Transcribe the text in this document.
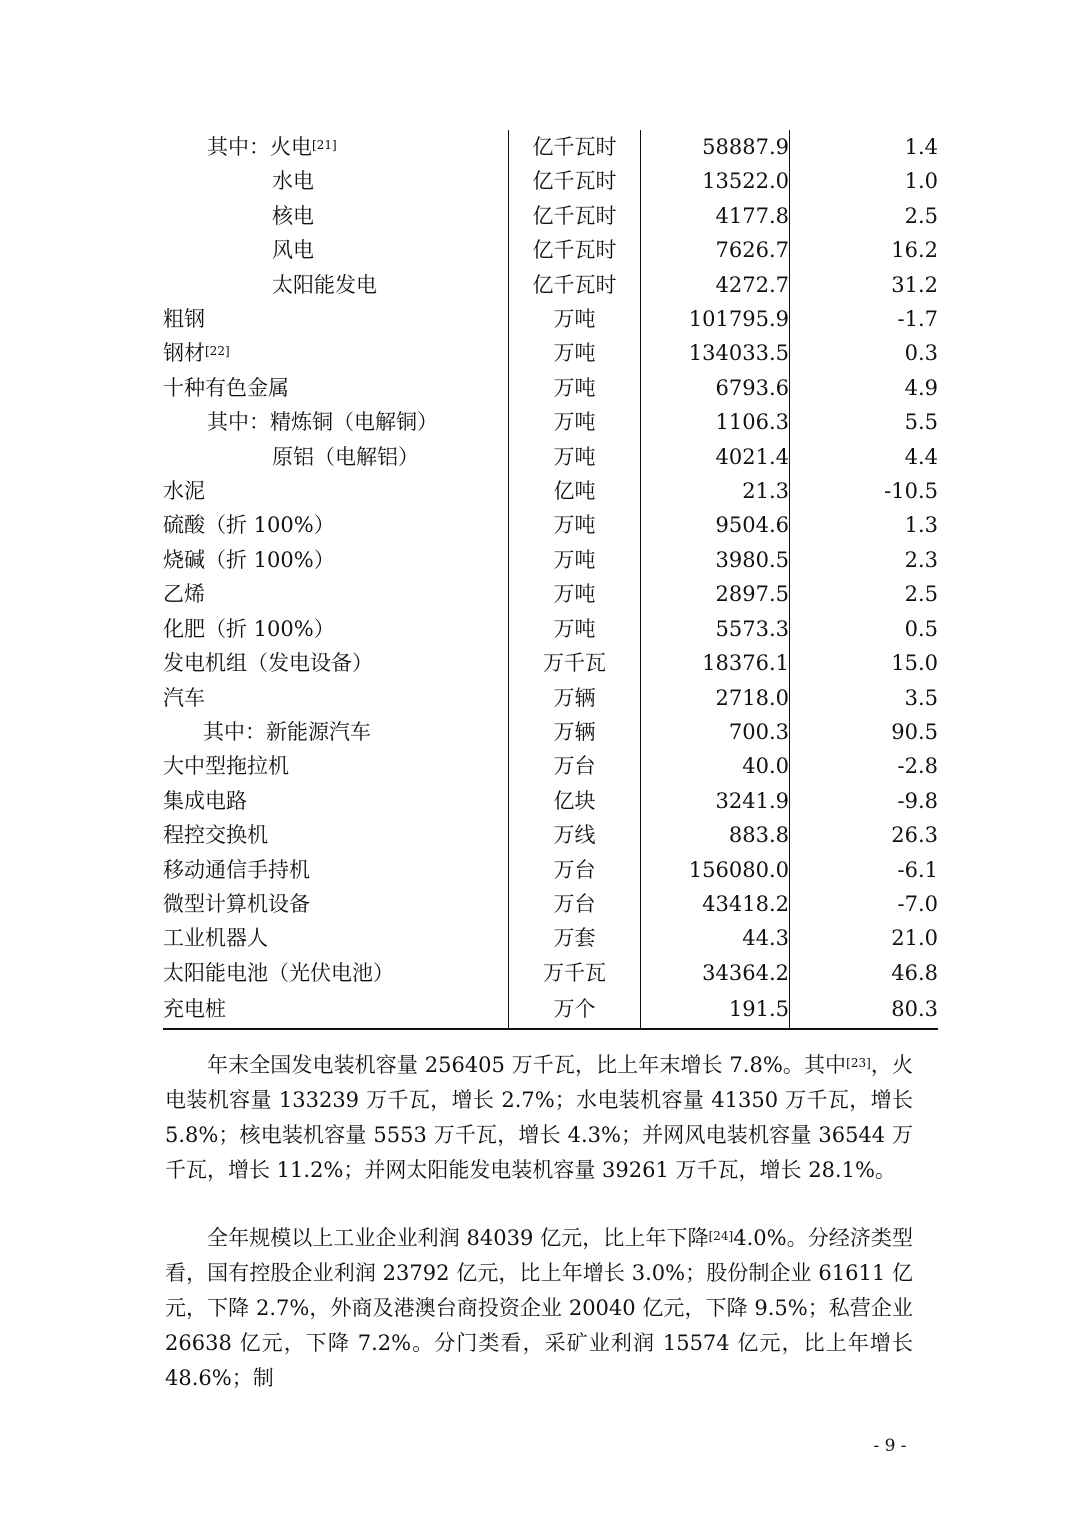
其中：火电[21]	亿千瓦时	58887.9	1.4
水电	亿千瓦时	13522.0	1.0
核电	亿千瓦时	4177.8	2.5
风电	亿千瓦时	7626.7	16.2
太阳能发电	亿千瓦时	4272.7	31.2
粗钢	万吨	101795.9	-1.7
钢材[22]	万吨	134033.5	0.3
十种有色金属	万吨	6793.6	4.9
其中：精炼铜（电解铜）	万吨	1106.3	5.5
原铝（电解铝）	万吨	4021.4	4.4
水泥	亿吨	21.3	-10.5
硫酸（折 100%）	万吨	9504.6	1.3
烧碱（折 100%）	万吨	3980.5	2.3
乙烯	万吨	2897.5	2.5
化肥（折 100%）	万吨	5573.3	0.5
发电机组（发电设备）	万千瓦	18376.1	15.0
汽车	万辆	2718.0	3.5
其中：新能源汽车	万辆	700.3	90.5
大中型拖拉机	万台	40.0	-2.8
集成电路	亿块	3241.9	-9.8
程控交换机	万线	883.8	26.3
移动通信手持机	万台	156080.0	-6.1
微型计算机设备	万台	43418.2	-7.0
工业机器人	万套	44.3	21.0
太阳能电池（光伏电池）	万千瓦	34364.2	46.8
充电桩	万个	191.5	80.3

年末全国发电装机容量 256405 万千瓦，比上年末增长 7.8%。其中[23]，火电装机容量 133239 万千瓦，增长 2.7%；水电装机容量 41350 万千瓦，增长 5.8%；核电装机容量 5553 万千瓦，增长 4.3%；并网风电装机容量 36544 万千瓦，增长 11.2%；并网太阳能发电装机容量 39261 万千瓦，增长 28.1%。

全年规模以上工业企业利润 84039 亿元，比上年下降[24]4.0%。分经济类型看，国有控股企业利润 23792 亿元，比上年增长 3.0%；股份制企业 61611 亿元，下降 2.7%，外商及港澳台商投资企业 20040 亿元，下降 9.5%；私营企业 26638 亿元，下降 7.2%。分门类看，采矿业利润 15574 亿元，比上年增长 48.6%；制

- 9 -
